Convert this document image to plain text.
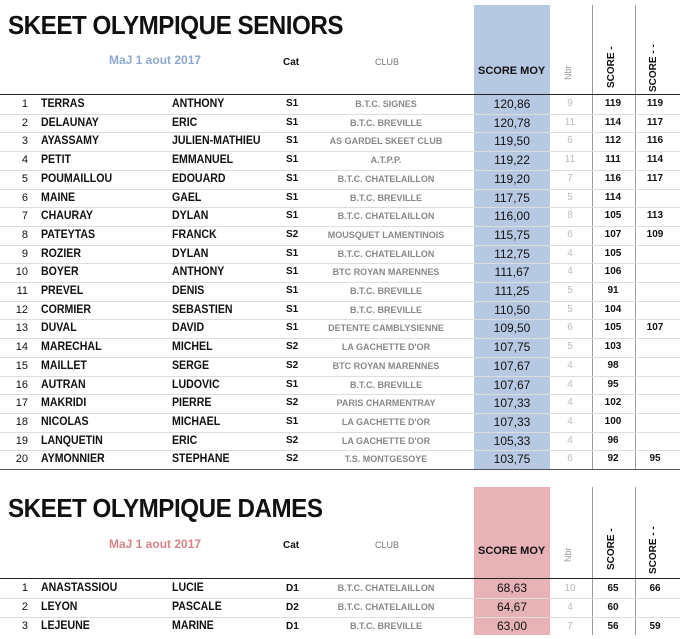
SKEET OLYMPIQUE SENIORS
MaJ 1 aout 2017	Cat	CLUB
SCORE MOY Nbr	SCORE -	SCORE - -
1 TERRAS	ANTHONY	S1	B.T.C. SIGNES	120,86	9	119	119
2 DELAUNAY	ERIC	S1	B.T.C. BREVILLE	120,78	11	114	117
3 AYASSAMY	JULIEN-MATHIEU	S1	AS GARDEL SKEET CLUB	119,50	6	112	116
4 PETIT	EMMANUEL	S1	A.T.P.P.	119,22	11	111	114
5 POUMAILLOU	EDOUARD	S1	B.T.C. CHATELAILLON	119,20	7	116	117
6 MAINE	GAEL	S1	B.T.C. BREVILLE	117,75	5	114
7 CHAURAY	DYLAN	S1	B.T.C. CHATELAILLON	116,00	8	105	113
8 PATEYTAS	FRANCK	S2	MOUSQUET LAMENTINOIS	115,75	6	107	109
9 ROZIER	DYLAN	S1	B.T.C. CHATELAILLON	112,75	4	105
10 BOYER	ANTHONY	S1	BTC ROYAN MARENNES	111,67	4	106
11 PREVEL	DENIS	S1	B.T.C. BREVILLE	111,25	5	91
12 CORMIER	SEBASTIEN	S1	B.T.C. BREVILLE	110,50	5	104
13 DUVAL	DAVID	S1	DETENTE CAMBLYSIENNE	109,50	6	105	107
14 MARECHAL	MICHEL	S2	LA GACHETTE D'OR	107,75	5	103
15 MAILLET	SERGE	S2	BTC ROYAN MARENNES	107,67	4	98
16 AUTRAN	LUDOVIC	S1	B.T.C. BREVILLE	107,67	4	95
17 MAKRIDI	PIERRE	S2	PARIS CHARMENTRAY	107,33	4	102
18 NICOLAS	MICHAEL	S1	LA GACHETTE D'OR	107,33	4	100
19 LANQUETIN	ERIC	S2	LA GACHETTE D'OR	105,33	4	96
20 AYMONNIER	STEPHANE	S2	T.S. MONTGESOYE	103,75	6	92	95
SKEET OLYMPIQUE DAMES
MaJ 1 aout 2017	Cat	CLUB	SCORE MOY Nbr	SCORE -	SCORE - -
1 ANASTASSIOU	LUCIE	D1	B.T.C. CHATELAILLON	68,63	10	65	66
2 LEYON	PASCALE	D2	B.T.C. CHATELAILLON	64,67	4	60
3 LEJEUNE	MARINE	D1	B.T.C. BREVILLE	63,00	7	56	59
